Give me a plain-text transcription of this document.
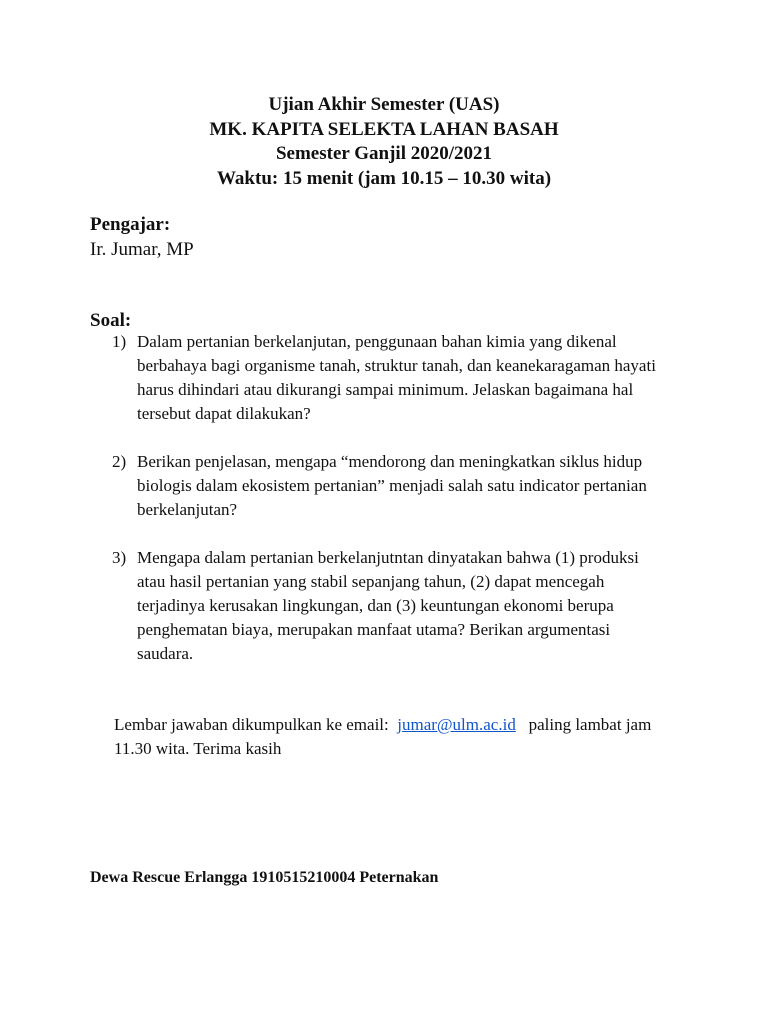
Ujian Akhir Semester (UAS)
MK. KAPITA SELEKTA LAHAN BASAH
Semester Ganjil 2020/2021
Waktu: 15 menit (jam 10.15 – 10.30 wita)
Pengajar:
Ir. Jumar, MP
Soal:
1) Dalam pertanian berkelanjutan, penggunaan bahan kimia yang dikenal
berbahaya bagi organisme tanah, struktur tanah, dan keanekaragaman hayati
harus dihindari atau dikurangi sampai minimum. Jelaskan bagaimana hal
tersebut dapat dilakukan?
2) Berikan penjelasan, mengapa “mendorong dan meningkatkan siklus hidup
biologis dalam ekosistem pertanian” menjadi salah satu indicator pertanian
berkelanjutan?
3) Mengapa dalam pertanian berkelanjutntan dinyatakan bahwa (1) produksi
atau hasil pertanian yang stabil sepanjang tahun, (2) dapat mencegah
terjadinya kerusakan lingkungan, dan (3) keuntungan ekonomi berupa
penghematan biaya, merupakan manfaat utama? Berikan argumentasi
saudara.
Lembar jawaban dikumpulkan ke email:  jumar@ulm.ac.id   paling lambat jam
11.30 wita. Terima kasih
Dewa Rescue Erlangga 1910515210004 Peternakan
